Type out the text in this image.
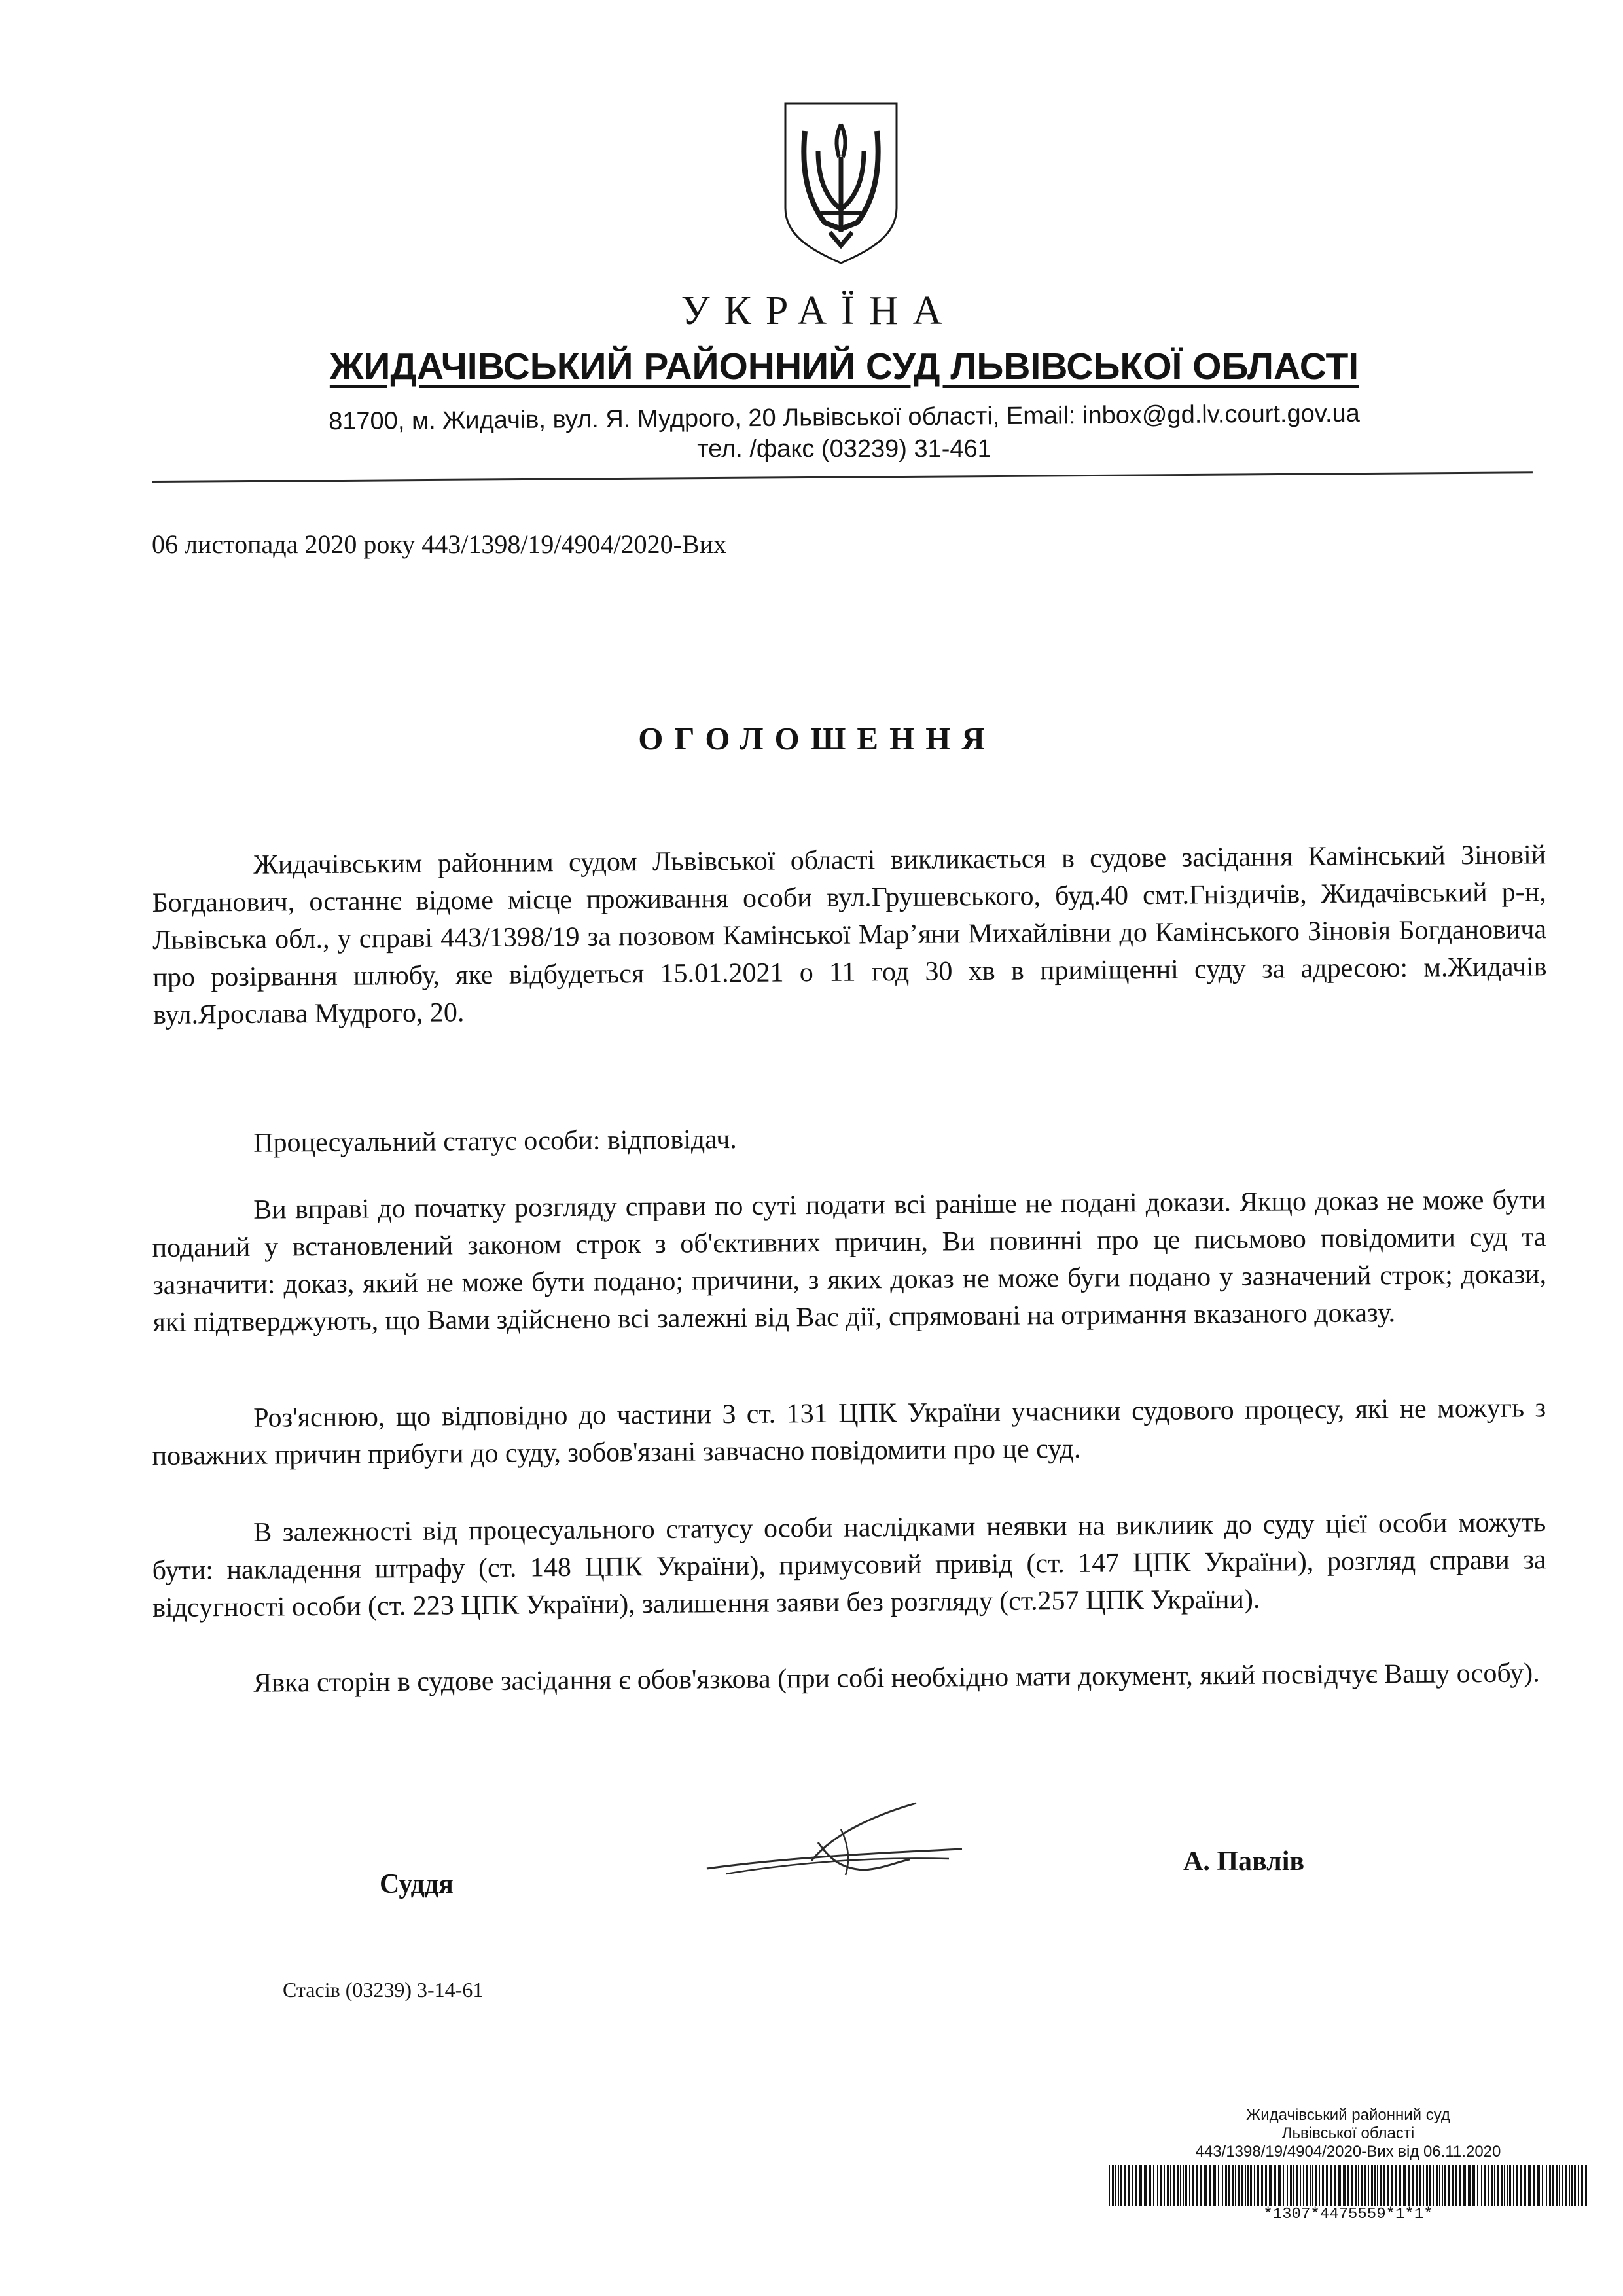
УКРАЇНА
ЖИДАЧІВСЬКИЙ РАЙОННИЙ СУД ЛЬВІВСЬКОЇ ОБЛАСТІ
81700, м. Жидачів, вул. Я. Мудрого, 20 Львівської області, Email: inbox@gd.lv.court.gov.ua
тел. /факс (03239) 31-461
06 листопада 2020 року 443/1398/19/4904/2020-Вих
ОГОЛОШЕННЯ

Жидачівським районним судом Львівської області викликається в судове засідання Камінський Зіновій Богданович, останнє відоме місце проживання особи вул.Грушевського, буд.40 смт.Гніздичів, Жидачівський р-н, Львівська обл., у справі 443/1398/19 за позовом Камінської Мар’яни Михайлівни до Камінського Зіновія Богдановича про розірвання шлюбу, яке відбудеться 15.01.2021 о 11 год 30 хв в приміщенні суду за адресою: м.Жидачів вул.Ярослава Мудрого, 20.

Процесуальний статус особи: відповідач.

Ви вправі до початку розгляду справи по суті подати всі раніше не подані докази. Якщо доказ не може бути поданий у встановлений законом строк з об'єктивних причин, Ви повинні про це письмово повідомити суд та зазначити: доказ, який не може бути подано; причини, з яких доказ не може буги подано у зазначений строк; докази, які підтверджують, що Вами здійснено всі залежні від Вас дії, спрямовані на отримання вказаного доказу.

Роз'яснюю, що відповідно до частини 3 ст. 131 ЦПК України учасники судового процесу, які не можугь з поважних причин прибуги до суду, зобов'язані завчасно повідомити про це суд.

В залежності від процесуального статусу особи наслідками неявки на виклиик до суду цієї особи можуть бути: накладення штрафу (ст. 148 ЦПК України), примусовий привід (ст. 147 ЦПК України), розгляд справи за відсугності особи (ст. 223 ЦПК України), залишення заяви без розгляду (ст.257 ЦПК України).

Явка сторін в судове засідання є обов'язкова (при собі необхідно мати документ, який посвідчує Вашу особу).

Суддя
А. Павлів
Стасів (03239) 3-14-61
Жидачівський районний суд
Львівської області
443/1398/19/4904/2020-Вих від 06.11.2020
*1307*4475559*1*1*
